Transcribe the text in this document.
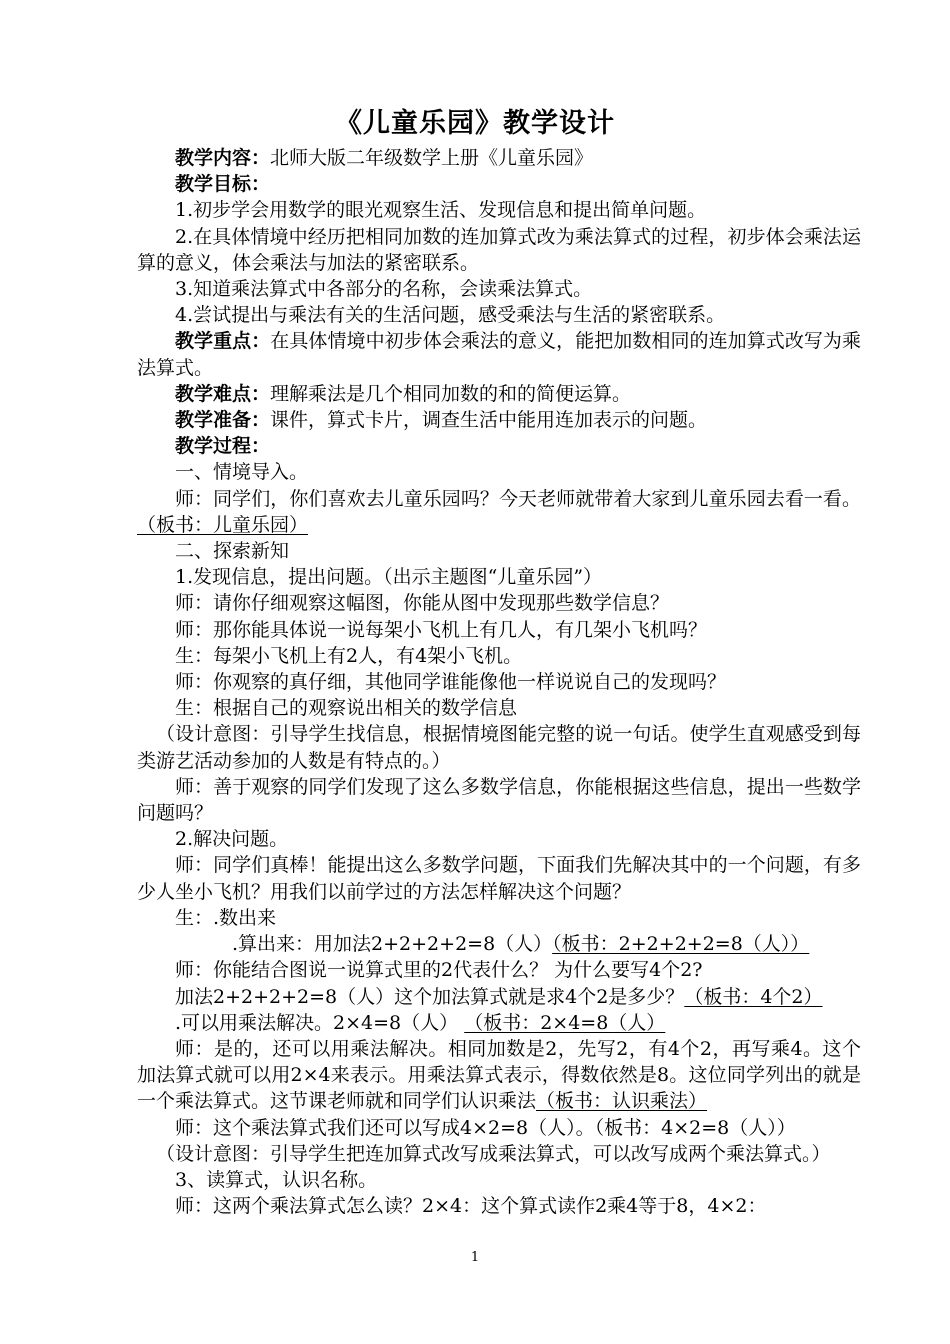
《儿童乐园》教学设计

教学内容：北师大版二年级数学上册《儿童乐园》

教学目标：

1.初步学会用数学的眼光观察生活、发现信息和提出简单问题。

2.在具体情境中经历把相同加数的连加算式改为乘法算式的过程，初步体会乘法运算的意义，体会乘法与加法的紧密联系。

3.知道乘法算式中各部分的名称，会读乘法算式。

4.尝试提出与乘法有关的生活问题，感受乘法与生活的紧密联系。

教学重点：在具体情境中初步体会乘法的意义，能把加数相同的连加算式改写为乘法算式。

教学难点：理解乘法是几个相同加数的和的简便运算。

教学准备：课件，算式卡片，调查生活中能用连加表示的问题。

教学过程：

一、情境导入。

师：同学们，你们喜欢去儿童乐园吗？今天老师就带着大家到儿童乐园去看一看。（板书：儿童乐园）

二、探索新知

1.发现信息，提出问题。（出示主题图“儿童乐园”）

师：请你仔细观察这幅图，你能从图中发现那些数学信息？

师：那你能具体说一说每架小飞机上有几人，有几架小飞机吗？

生：每架小飞机上有2人，有4架小飞机。

师：你观察的真仔细，其他同学谁能像他一样说说自己的发现吗？

生：根据自己的观察说出相关的数学信息

（设计意图：引导学生找信息，根据情境图能完整的说一句话。使学生直观感受到每类游艺活动参加的人数是有特点的。）

师：善于观察的同学们发现了这么多数学信息，你能根据这些信息，提出一些数学问题吗？

2.解决问题。

师：同学们真棒！能提出这么多数学问题，下面我们先解决其中的一个问题，有多少人坐小飞机？用我们以前学过的方法怎样解决这个问题？

生：.数出来

.算出来：用加法2+2+2+2=8（人）（板书：2+2+2+2=8（人））

师：你能结合图说一说算式里的2代表什么？ 为什么要写4个2?

加法2+2+2+2=8（人）这个加法算式就是求4个2是多少？（板书：4个2）

.可以用乘法解决。2×4=8（人） （板书：2×4=8（人）

师：是的，还可以用乘法解决。相同加数是2，先写2，有4个2，再写乘4。这个加法算式就可以用2×4来表示。用乘法算式表示，得数依然是8。这位同学列出的就是一个乘法算式。这节课老师就和同学们认识乘法（板书：认识乘法）

师：这个乘法算式我们还可以写成4×2=8（人）。（板书：4×2=8（人））

（设计意图：引导学生把连加算式改写成乘法算式，可以改写成两个乘法算式。）

3、读算式，认识名称。

师：这两个乘法算式怎么读？2×4：这个算式读作2乘4等于8，4×2：

1
